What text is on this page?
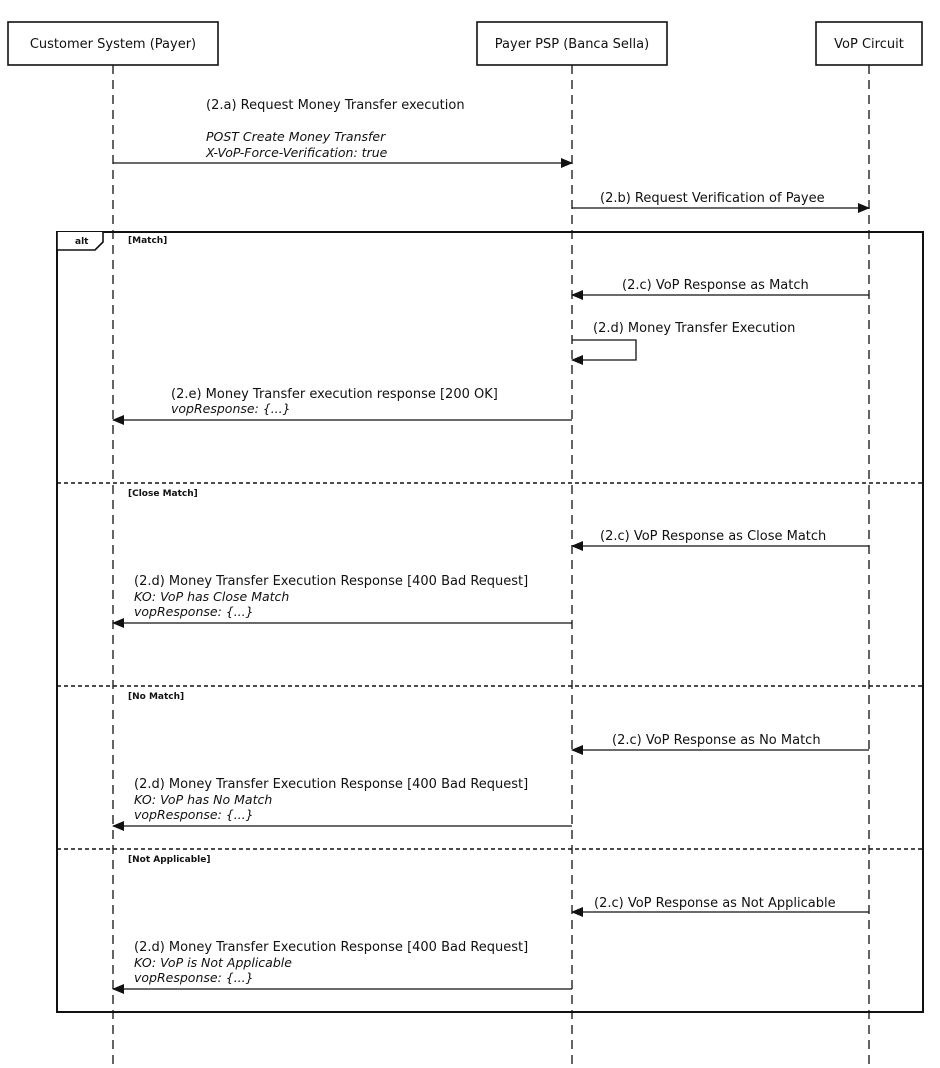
Customer System (Payer)	Payer PSP (Banca Sella)	VoP Circuit
(2.a) Request Money Transfer execution
POST Create Money Transfer
X-VoP-Force-Verification: true
(2.b) Request Verification of Payee
alt	[Match]
[Close Match]
[No Match]
[Not Applicable]
(2.c) VoP Response as Match
(2.d) Money Transfer Execution
(2.e) Money Transfer execution response [200 OK]
vopResponse: {...}
(2.c) VoP Response as Close Match
(2.d) Money Transfer Execution Response [400 Bad Request]
KO: VoP has Close Match
vopResponse: {...}
(2.c) VoP Response as No Match
(2.d) Money Transfer Execution Response [400 Bad Request]
KO: VoP has No Match
vopResponse: {...}
(2.c) VoP Response as Not Applicable
(2.d) Money Transfer Execution Response [400 Bad Request]
KO: VoP is Not Applicable
vopResponse: {...}
